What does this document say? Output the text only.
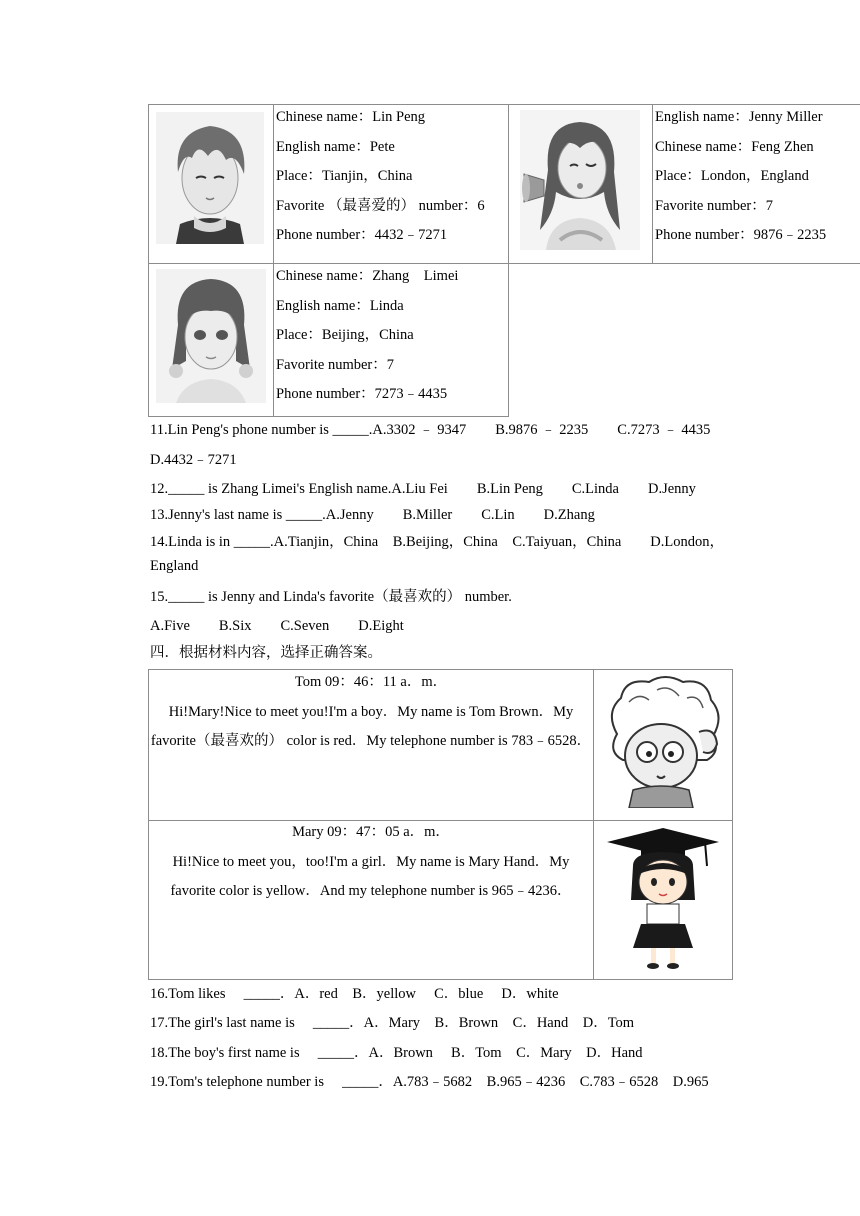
Chinese name：Lin Peng
English name：Pete
Place：Tianjin，China
Favorite （最喜爱的） number：6
Phone number：4432﹣7271
English name：Jenny Miller
Chinese name：Feng Zhen
Place：London，England
Favorite number：7
Phone number：9876﹣2235
Chinese name：Zhang　Limei
English name：Linda
Place：Beijing，China
Favorite number：7
Phone number：7273﹣4435
11.Lin Peng's phone number is _____.A.3302 ﹣ 9347　　B.9876 ﹣ 2235　　C.7273 ﹣ 4435
D.4432﹣7271
12._____ is Zhang Limei's English name.A.Liu Fei　　B.Lin Peng　　C.Linda　　D.Jenny
13.Jenny's last name is _____.A.Jenny　　B.Miller　　C.Lin　　D.Zhang
14.Linda is in _____.A.Tianjin，China　B.Beijing，China　C.Taiyuan，China　　D.London，
England
15._____ is Jenny and Linda's favorite（最喜欢的） number.
A.Five　　B.Six　　C.Seven　　D.Eight
四．根据材料内容，选择正确答案。
Tom 09：46：11 a．m．
Hi!Mary!Nice to meet you!I'm a boy．My name is Tom Brown．My
favorite（最喜欢的） color is red．My telephone number is 783﹣6528．
Mary 09：47：05 a．m．
Hi!Nice to meet you，too!I'm a girl．My name is Mary Hand．My
favorite color is yellow．And my telephone number is 965﹣4236．
16.Tom likes　 _____．A．red　B．yellow　 C．blue　 D．white
17.The girl's last name is　 _____．A．Mary　B．Brown　C．Hand　D．Tom
18.The boy's first name is　 _____．A．Brown　 B．Tom　C．Mary　D．Hand
19.Tom's telephone number is　 _____．A.783﹣5682　B.965﹣4236　C.783﹣6528　D.965
